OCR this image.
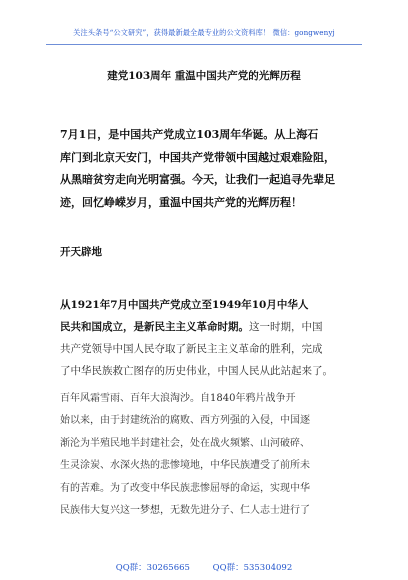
关注头条号“公文研究”，获得最新最全最专业的公文资料库！ 微信：gongwenyj
建党103周年 重温中国共产党的光辉历程
7月1日，是中国共产党成立103周年华诞。从上海石
库门到北京天安门，中国共产党带领中国越过艰难险阻，
从黑暗贫穷走向光明富强。今天，让我们一起追寻先辈足
迹，回忆峥嵘岁月，重温中国共产党的光辉历程！
开天辟地
从1921年7月中国共产党成立至1949年10月中华人
民共和国成立，是新民主主义革命时期。这一时期，中国
共产党领导中国人民夺取了新民主主义革命的胜利，完成
了中华民族救亡图存的历史伟业，中国人民从此站起来了。
百年风霜雪雨、百年大浪淘沙。自1840年鸦片战争开
始以来，由于封建统治的腐败、西方列强的入侵，中国逐
渐沦为半殖民地半封建社会，处在战火频繁、山河破碎、
生灵涂炭、水深火热的悲惨境地，中华民族遭受了前所未
有的苦难。为了改变中华民族悲惨屈辱的命运，实现中华
民族伟大复兴这一梦想，无数先进分子、仁人志士进行了
QQ群：30265665	QQ群：535304092
